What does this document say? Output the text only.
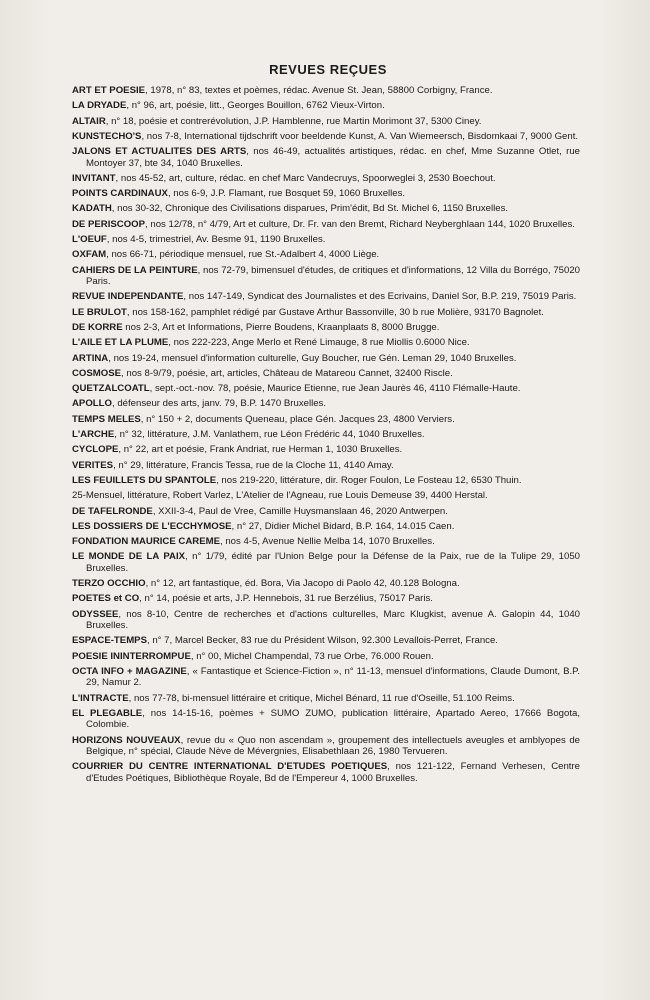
REVUES REÇUES

ART ET POESIE, 1978, n° 83, textes et poèmes, rédac. Avenue St. Jean, 58800 Corbigny, France.

LA DRYADE, n° 96, art, poésie, litt., Georges Bouillon, 6762 Vieux-Virton.

ALTAIR, n° 18, poésie et contrerévolution, J.P. Hamblenne, rue Martin Morimont 37, 5300 Ciney.

KUNSTECHO'S, nos 7-8, International tijdschrift voor beeldende Kunst, A. Van Wiemeersch, Bisdomkaai 7, 9000 Gent.

JALONS ET ACTUALITES DES ARTS, nos 46-49, actualités artistiques, rédac. en chef, Mme Suzanne Otlet, rue Montoyer 37, bte 34, 1040 Bruxelles.

INVITANT, nos 45-52, art, culture, rédac. en chef Marc Vandecruys, Spoorweglei 3, 2530 Boechout.

POINTS CARDINAUX, nos 6-9, J.P. Flamant, rue Bosquet 59, 1060 Bruxelles.

KADATH, nos 30-32, Chronique des Civilisations disparues, Prim'édit, Bd St. Michel 6, 1150 Bruxelles.

DE PERISCOOP, nos 12/78, n° 4/79, Art et culture, Dr. Fr. van den Bremt, Richard Neyberghlaan 144, 1020 Bruxelles.

L'OEUF, nos 4-5, trimestriel, Av. Besme 91, 1190 Bruxelles.

OXFAM, nos 66-71, périodique mensuel, rue St.-Adalbert 4, 4000 Liège.

CAHIERS DE LA PEINTURE, nos 72-79, bimensuel d'études, de critiques et d'informations, 12 Villa du Borrégo, 75020 Paris.

REVUE INDEPENDANTE, nos 147-149, Syndicat des Journalistes et des Ecrivains, Daniel Sor, B.P. 219, 75019 Paris.

LE BRULOT, nos 158-162, pamphlet rédigé par Gustave Arthur Bassonville, 30 b rue Molière, 93170 Bagnolet.

DE KORRE nos 2-3, Art et Informations, Pierre Boudens, Kraanplaats 8, 8000 Brugge.

L'AILE ET LA PLUME, nos 222-223, Ange Merlo et René Limauge, 8 rue Miollis 0.6000 Nice.

ARTINA, nos 19-24, mensuel d'information culturelle, Guy Boucher, rue Gén. Leman 29, 1040 Bruxelles.

COSMOSE, nos 8-9/79, poésie, art, articles, Château de Matareou Cannet, 32400 Riscle.

QUETZALCOATL, sept.-oct.-nov. 78, poésie, Maurice Etienne, rue Jean Jaurès 46, 4110 Flémalle-Haute.

APOLLO, défenseur des arts, janv. 79, B.P. 1470 Bruxelles.

TEMPS MELES, n° 150 + 2, documents Queneau, place Gén. Jacques 23, 4800 Verviers.

L'ARCHE, n° 32, littérature, J.M. Vanlathem, rue Léon Frédéric 44, 1040 Bruxelles.

CYCLOPE, n° 22, art et poésie, Frank Andriat, rue Herman 1, 1030 Bruxelles.

VERITES, n° 29, littérature, Francis Tessa, rue de la Cloche 11, 4140 Amay.

LES FEUILLETS DU SPANTOLE, nos 219-220, littérature, dir. Roger Foulon, Le Fosteau 12, 6530 Thuin.

25-Mensuel, littérature, Robert Varlez, L'Atelier de l'Agneau, rue Louis Demeuse 39, 4400 Herstal.

DE TAFELRONDE, XXII-3-4, Paul de Vree, Camille Huysmanslaan 46, 2020 Antwerpen.

LES DOSSIERS DE L'ECCHYMOSE, n° 27, Didier Michel Bidard, B.P. 164, 14.015 Caen.

FONDATION MAURICE CAREME, nos 4-5, Avenue Nellie Melba 14, 1070 Bruxelles.

LE MONDE DE LA PAIX, n° 1/79, édité par l'Union Belge pour la Défense de la Paix, rue de la Tulipe 29, 1050 Bruxelles.

TERZO OCCHIO, n° 12, art fantastique, éd. Bora, Via Jacopo di Paolo 42, 40.128 Bologna.

POETES et CO, n° 14, poésie et arts, J.P. Hennebois, 31 rue Berzélius, 75017 Paris.

ODYSSEE, nos 8-10, Centre de recherches et d'actions culturelles, Marc Klugkist, avenue A. Galopin 44, 1040 Bruxelles.

ESPACE-TEMPS, n° 7, Marcel Becker, 83 rue du Président Wilson, 92.300 Levallois-Perret, France.

POESIE ININTERROMPUE, n° 00, Michel Champendal, 73 rue Orbe, 76.000 Rouen.

OCTA INFO + MAGAZINE, « Fantastique et Science-Fiction », n° 11-13, mensuel d'informations, Claude Dumont, B.P. 29, Namur 2.

L'INTRACTE, nos 77-78, bi-mensuel littéraire et critique, Michel Bénard, 11 rue d'Oseille, 51.100 Reims.

EL PLEGABLE, nos 14-15-16, poèmes + SUMO ZUMO, publication littéraire, Apartado Aereo, 17666 Bogota, Colombie.

HORIZONS NOUVEAUX, revue du « Quo non ascendam », groupement des intellectuels aveugles et amblyopes de Belgique, n° spécial, Claude Nève de Mévergnies, Elisabethlaan 26, 1980 Tervueren.

COURRIER DU CENTRE INTERNATIONAL D'ETUDES POETIQUES, nos 121-122, Fernand Verhesen, Centre d'Etudes Poétiques, Bibliothèque Royale, Bd de l'Empereur 4, 1000 Bruxelles.
